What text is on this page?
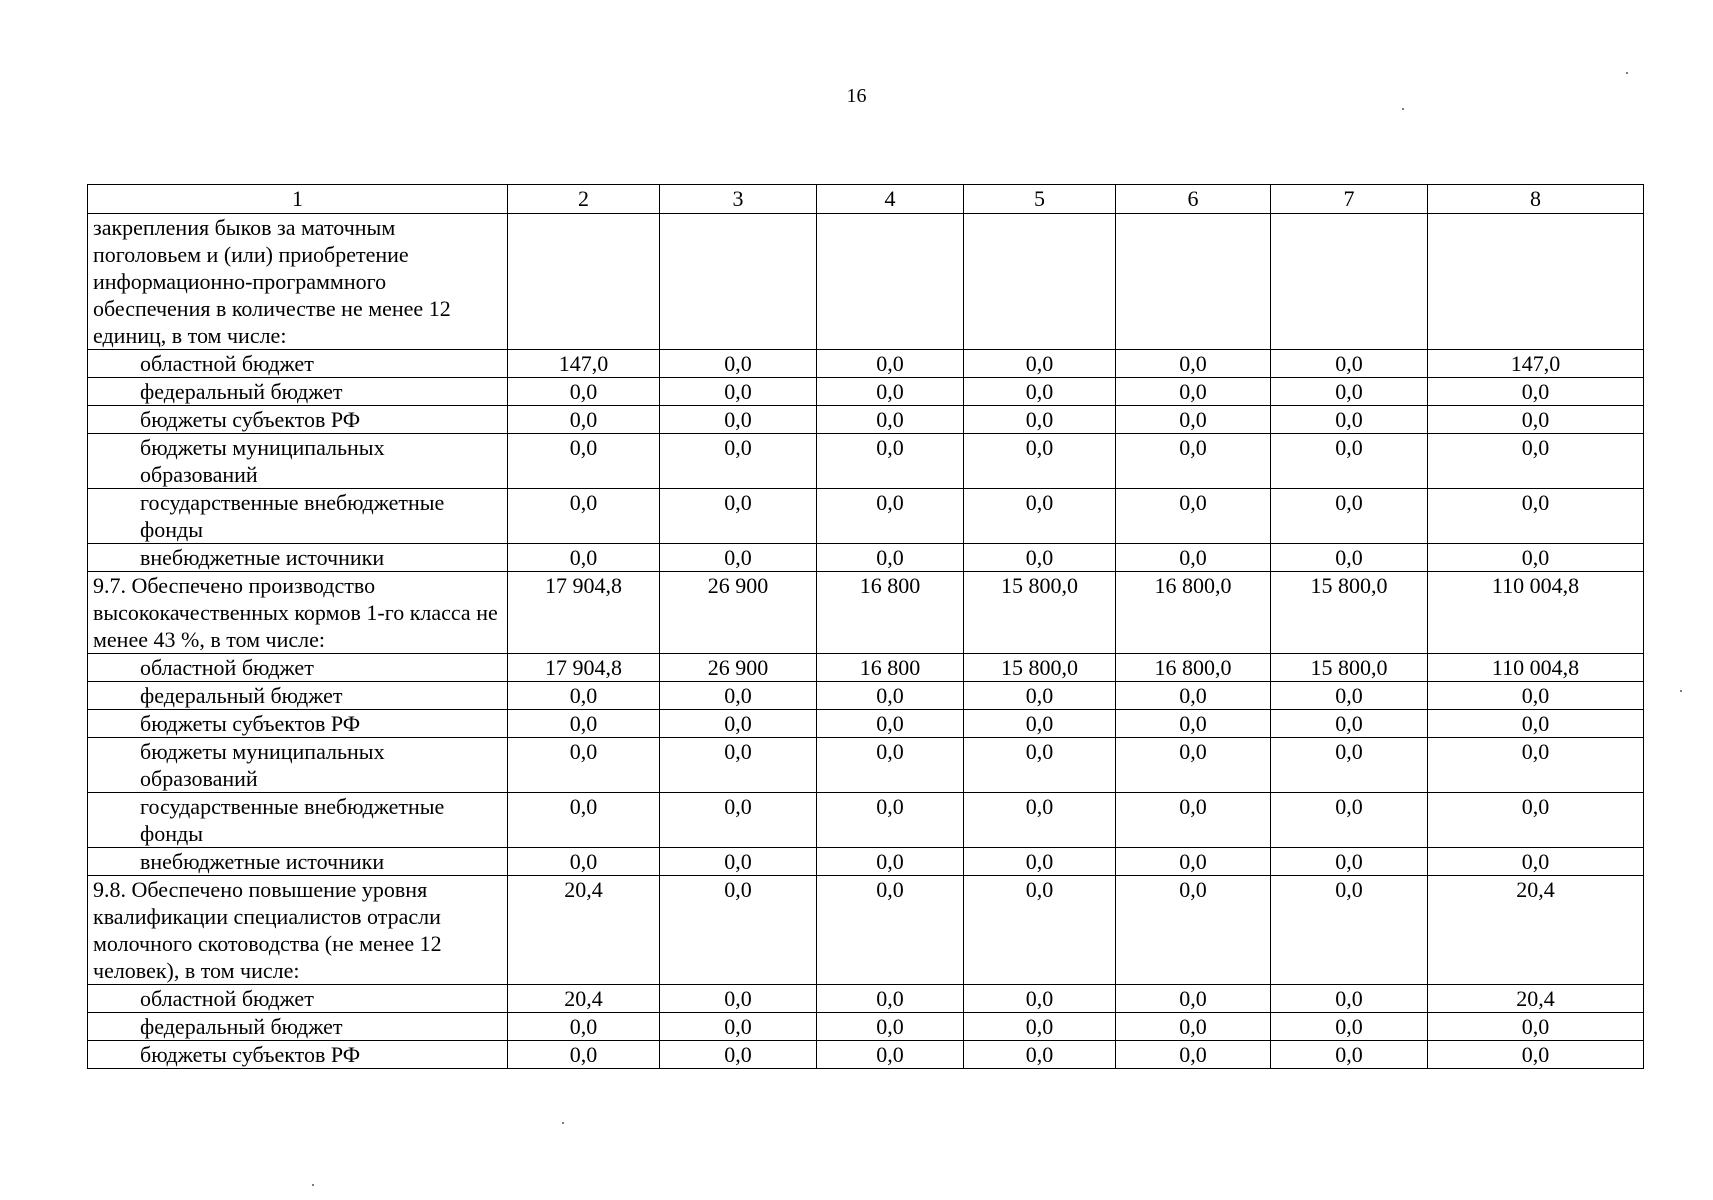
16
1	2	3	4	5	6	7	8

закрепления быков за маточным поголовьем и (или) приобретение информационно-программного обеспечения в количестве не менее 12 единиц, в том числе:							

областной бюджет	147,0	0,0	0,0	0,0	0,0	0,0	147,0
федеральный бюджет	0,0	0,0	0,0	0,0	0,0	0,0	0,0
бюджеты субъектов РФ	0,0	0,0	0,0	0,0	0,0	0,0	0,0
бюджеты муниципальных образований	0,0	0,0	0,0	0,0	0,0	0,0	0,0
государственные внебюджетные фонды	0,0	0,0	0,0	0,0	0,0	0,0	0,0
внебюджетные источники	0,0	0,0	0,0	0,0	0,0	0,0	0,0

9.7. Обеспечено производство высококачественных кормов 1-го класса не менее 43 %, в том числе:	17 904,8	26 900	16 800	15 800,0	16 800,0	15 800,0	110 004,8
областной бюджет	17 904,8	26 900	16 800	15 800,0	16 800,0	15 800,0	110 004,8
федеральный бюджет	0,0	0,0	0,0	0,0	0,0	0,0	0,0
бюджеты субъектов РФ	0,0	0,0	0,0	0,0	0,0	0,0	0,0
бюджеты муниципальных образований	0,0	0,0	0,0	0,0	0,0	0,0	0,0
государственные внебюджетные фонды	0,0	0,0	0,0	0,0	0,0	0,0	0,0
внебюджетные источники	0,0	0,0	0,0	0,0	0,0	0,0	0,0

9.8. Обеспечено повышение уровня квалификации специалистов отрасли молочного скотоводства (не менее 12 человек), в том числе:	20,4	0,0	0,0	0,0	0,0	0,0	20,4
областной бюджет	20,4	0,0	0,0	0,0	0,0	0,0	20,4
федеральный бюджет	0,0	0,0	0,0	0,0	0,0	0,0	0,0
бюджеты субъектов РФ	0,0	0,0	0,0	0,0	0,0	0,0	0,0
